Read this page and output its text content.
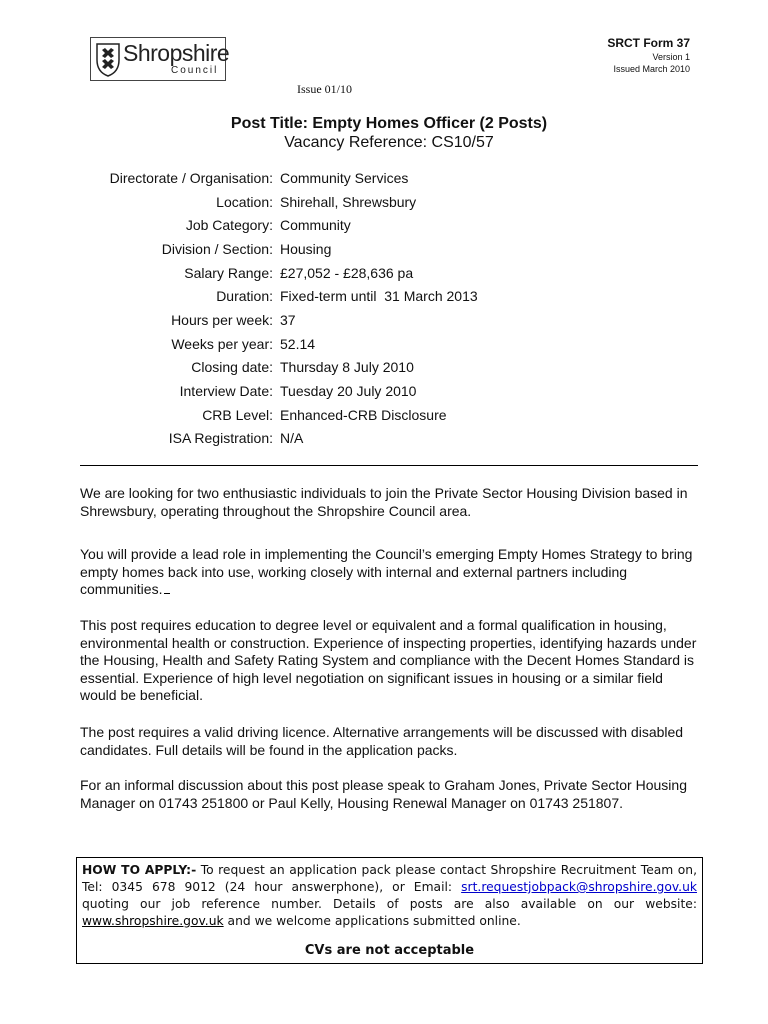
Shropshire
Council
SRCT Form 37
Version 1
Issued March 2010
Issue 01/10
Post Title: Empty Homes Officer (2 Posts)
Vacancy Reference: CS10/57
Directorate / Organisation: Community Services
Location: Shirehall, Shrewsbury
Job Category: Community
Division / Section: Housing
Salary Range: £27,052 - £28,636 pa
Duration: Fixed-term until  31 March 2013
Hours per week: 37
Weeks per year: 52.14
Closing date: Thursday 8 July 2010
Interview Date: Tuesday 20 July 2010
CRB Level: Enhanced-CRB Disclosure
ISA Registration: N/A
We are looking for two enthusiastic individuals to join the Private Sector Housing Division based in Shrewsbury, operating throughout the Shropshire Council area.
You will provide a lead role in implementing the Council’s emerging Empty Homes Strategy to bring empty homes back into use, working closely with internal and external partners including communities.
This post requires education to degree level or equivalent and a formal qualification in housing, environmental health or construction. Experience of inspecting properties, identifying hazards under the Housing, Health and Safety Rating System and compliance with the Decent Homes Standard is essential. Experience of high level negotiation on significant issues in housing or a similar field would be beneficial.
The post requires a valid driving licence. Alternative arrangements will be discussed with disabled candidates. Full details will be found in the application packs.
For an informal discussion about this post please speak to Graham Jones, Private Sector Housing Manager on 01743 251800 or Paul Kelly, Housing Renewal Manager on 01743 251807.
HOW TO APPLY:- To request an application pack please contact Shropshire Recruitment Team on, Tel: 0345 678 9012 (24 hour answerphone), or Email: srt.requestjobpack@shropshire.gov.uk quoting our job reference number. Details of posts are also available on our website: www.shropshire.gov.uk and we welcome applications submitted online.
CVs are not acceptable
